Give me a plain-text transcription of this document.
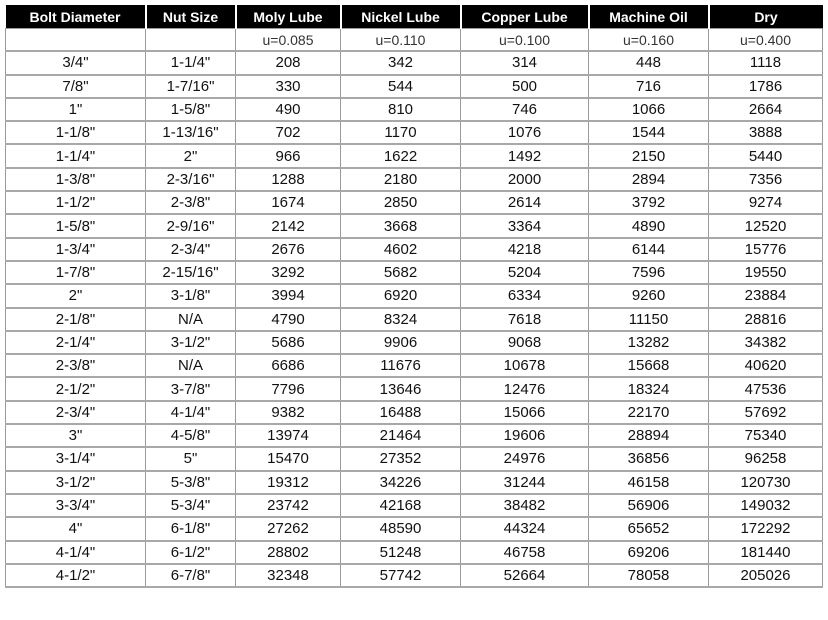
Bolt Diameter	Nut Size	Moly Lube	Nickel Lube	Copper Lube	Machine Oil	Dry
		u=0.085	u=0.110	u=0.100	u=0.160	u=0.400
3/4"	1-1/4"	208	342	314	448	1118
7/8"	1-7/16"	330	544	500	716	1786
1"	1-5/8"	490	810	746	1066	2664
1-1/8"	1-13/16"	702	1170	1076	1544	3888
1-1/4"	2"	966	1622	1492	2150	5440
1-3/8"	2-3/16"	1288	2180	2000	2894	7356
1-1/2"	2-3/8"	1674	2850	2614	3792	9274
1-5/8"	2-9/16"	2142	3668	3364	4890	12520
1-3/4"	2-3/4"	2676	4602	4218	6144	15776
1-7/8"	2-15/16"	3292	5682	5204	7596	19550
2"	3-1/8"	3994	6920	6334	9260	23884
2-1/8"	N/A	4790	8324	7618	11150	28816
2-1/4"	3-1/2"	5686	9906	9068	13282	34382
2-3/8"	N/A	6686	11676	10678	15668	40620
2-1/2"	3-7/8"	7796	13646	12476	18324	47536
2-3/4"	4-1/4"	9382	16488	15066	22170	57692
3"	4-5/8"	13974	21464	19606	28894	75340
3-1/4"	5"	15470	27352	24976	36856	96258
3-1/2"	5-3/8"	19312	34226	31244	46158	120730
3-3/4"	5-3/4"	23742	42168	38482	56906	149032
4"	6-1/8"	27262	48590	44324	65652	172292
4-1/4"	6-1/2"	28802	51248	46758	69206	181440
4-1/2"	6-7/8"	32348	57742	52664	78058	205026
